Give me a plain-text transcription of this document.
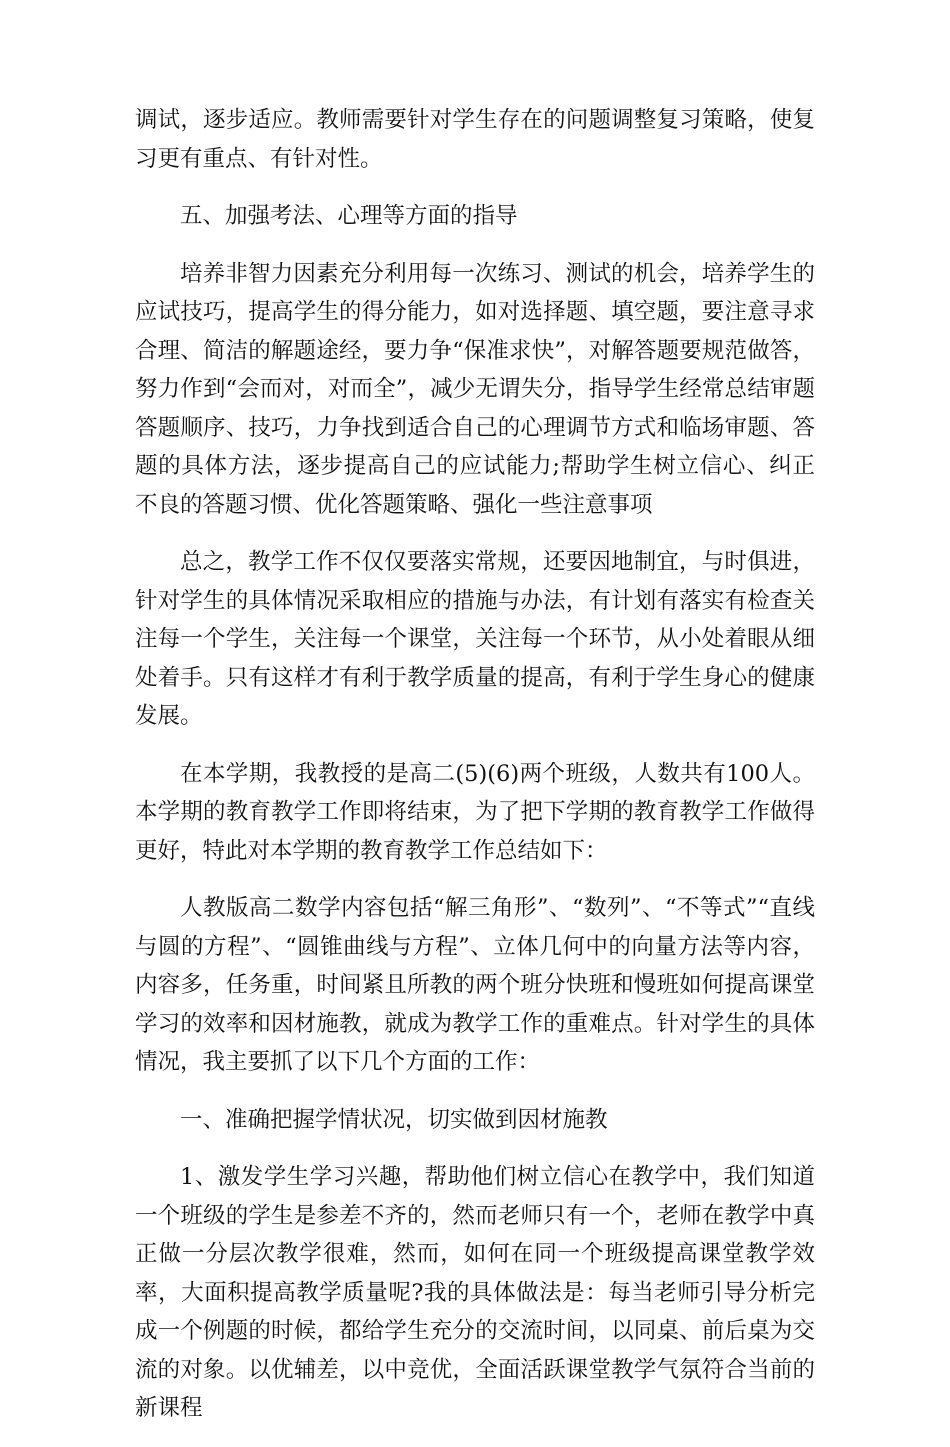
调试，逐步适应。教师需要针对学生存在的问题调整复习策略，使复习更有重点、有针对性。

五、加强考法、心理等方面的指导

培养非智力因素充分利用每一次练习、测试的机会，培养学生的应试技巧，提高学生的得分能力，如对选择题、填空题，要注意寻求合理、简洁的解题途经，要力争“保准求快”，对解答题要规范做答，努力作到“会而对，对而全”，减少无谓失分，指导学生经常总结审题答题顺序、技巧，力争找到适合自己的心理调节方式和临场审题、答题的具体方法，逐步提高自己的应试能力;帮助学生树立信心、纠正不良的答题习惯、优化答题策略、强化一些注意事项

总之，教学工作不仅仅要落实常规，还要因地制宜，与时俱进，针对学生的具体情况采取相应的措施与办法，有计划有落实有检查关注每一个学生，关注每一个课堂，关注每一个环节，从小处着眼从细处着手。只有这样才有利于教学质量的提高，有利于学生身心的健康发展。

在本学期，我教授的是高二(5)(6)两个班级，人数共有100人。本学期的教育教学工作即将结束，为了把下学期的教育教学工作做得更好，特此对本学期的教育教学工作总结如下：

人教版高二数学内容包括“解三角形”、“数列”、“不等式”“直线与圆的方程”、“圆锥曲线与方程”、立体几何中的向量方法等内容，内容多，任务重，时间紧且所教的两个班分快班和慢班如何提高课堂学习的效率和因材施教，就成为教学工作的重难点。针对学生的具体情况，我主要抓了以下几个方面的工作：

一、准确把握学情状况，切实做到因材施教

1、激发学生学习兴趣，帮助他们树立信心在教学中，我们知道一个班级的学生是参差不齐的，然而老师只有一个，老师在教学中真正做一分层次教学很难，然而，如何在同一个班级提高课堂教学效率，大面积提高教学质量呢?我的具体做法是：每当老师引导分析完成一个例题的时候，都给学生充分的交流时间，以同桌、前后桌为交流的对象。以优辅差，以中竞优，全面活跃课堂教学气氛符合当前的新课程
